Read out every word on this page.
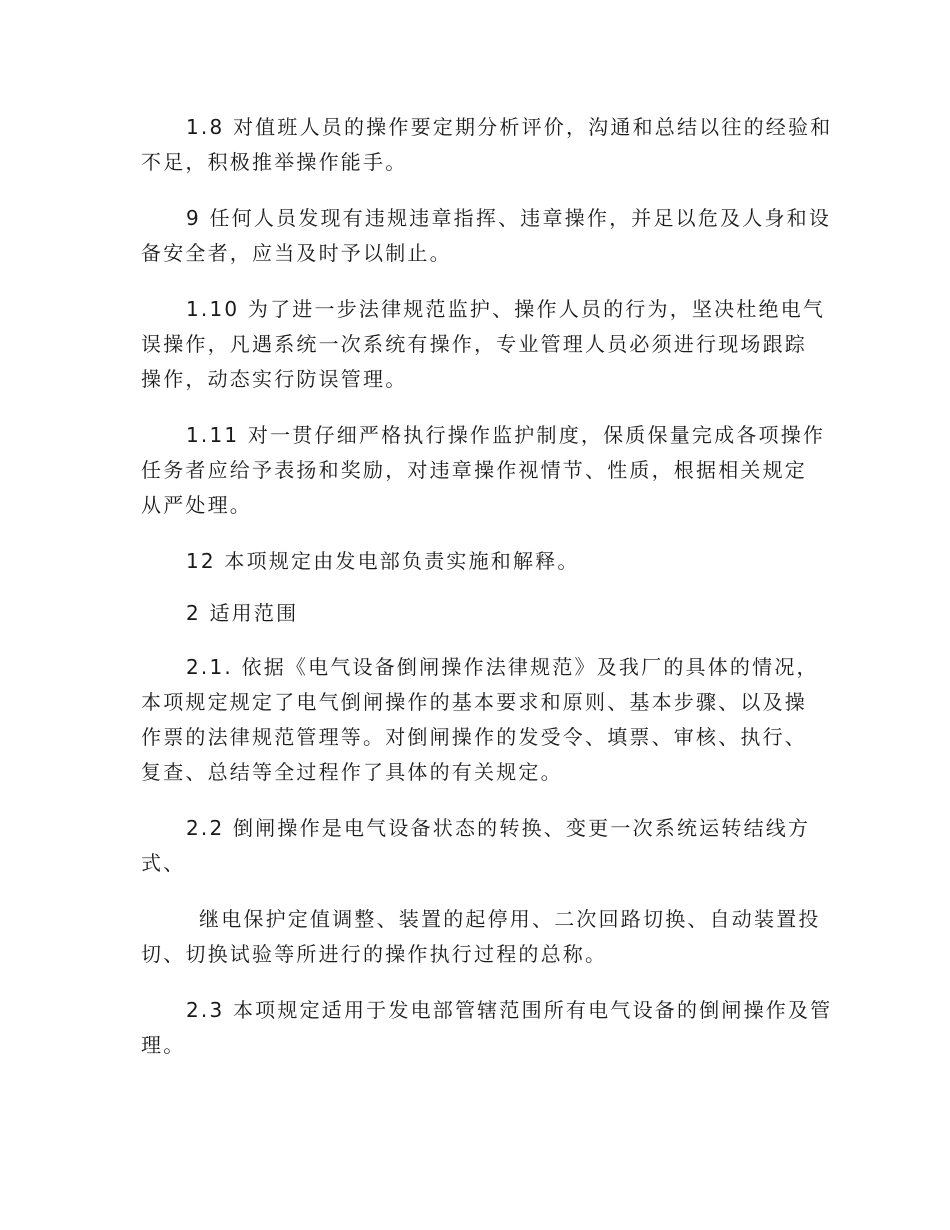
1.8 对值班人员的操作要定期分析评价，沟通和总结以往的经验和
不足，积极推举操作能手。
9 任何人员发现有违规违章指挥、违章操作，并足以危及人身和设
备安全者，应当及时予以制止。
1.10 为了进一步法律规范监护、操作人员的行为，坚决杜绝电气
误操作，凡遇系统一次系统有操作，专业管理人员必须进行现场跟踪
操作，动态实行防误管理。
1.11 对一贯仔细严格执行操作监护制度，保质保量完成各项操作
任务者应给予表扬和奖励，对违章操作视情节、性质，根据相关规定
从严处理。
12 本项规定由发电部负责实施和解释。
2 适用范围
2.1. 依据《电气设备倒闸操作法律规范》及我厂的具体的情况，
本项规定规定了电气倒闸操作的基本要求和原则、基本步骤、以及操
作票的法律规范管理等。对倒闸操作的发受令、填票、审核、执行、
复查、总结等全过程作了具体的有关规定。
2.2 倒闸操作是电气设备状态的转换、变更一次系统运转结线方
式、
继电保护定值调整、装置的起停用、二次回路切换、自动装置投
切、切换试验等所进行的操作执行过程的总称。
2.3 本项规定适用于发电部管辖范围所有电气设备的倒闸操作及管
理。
